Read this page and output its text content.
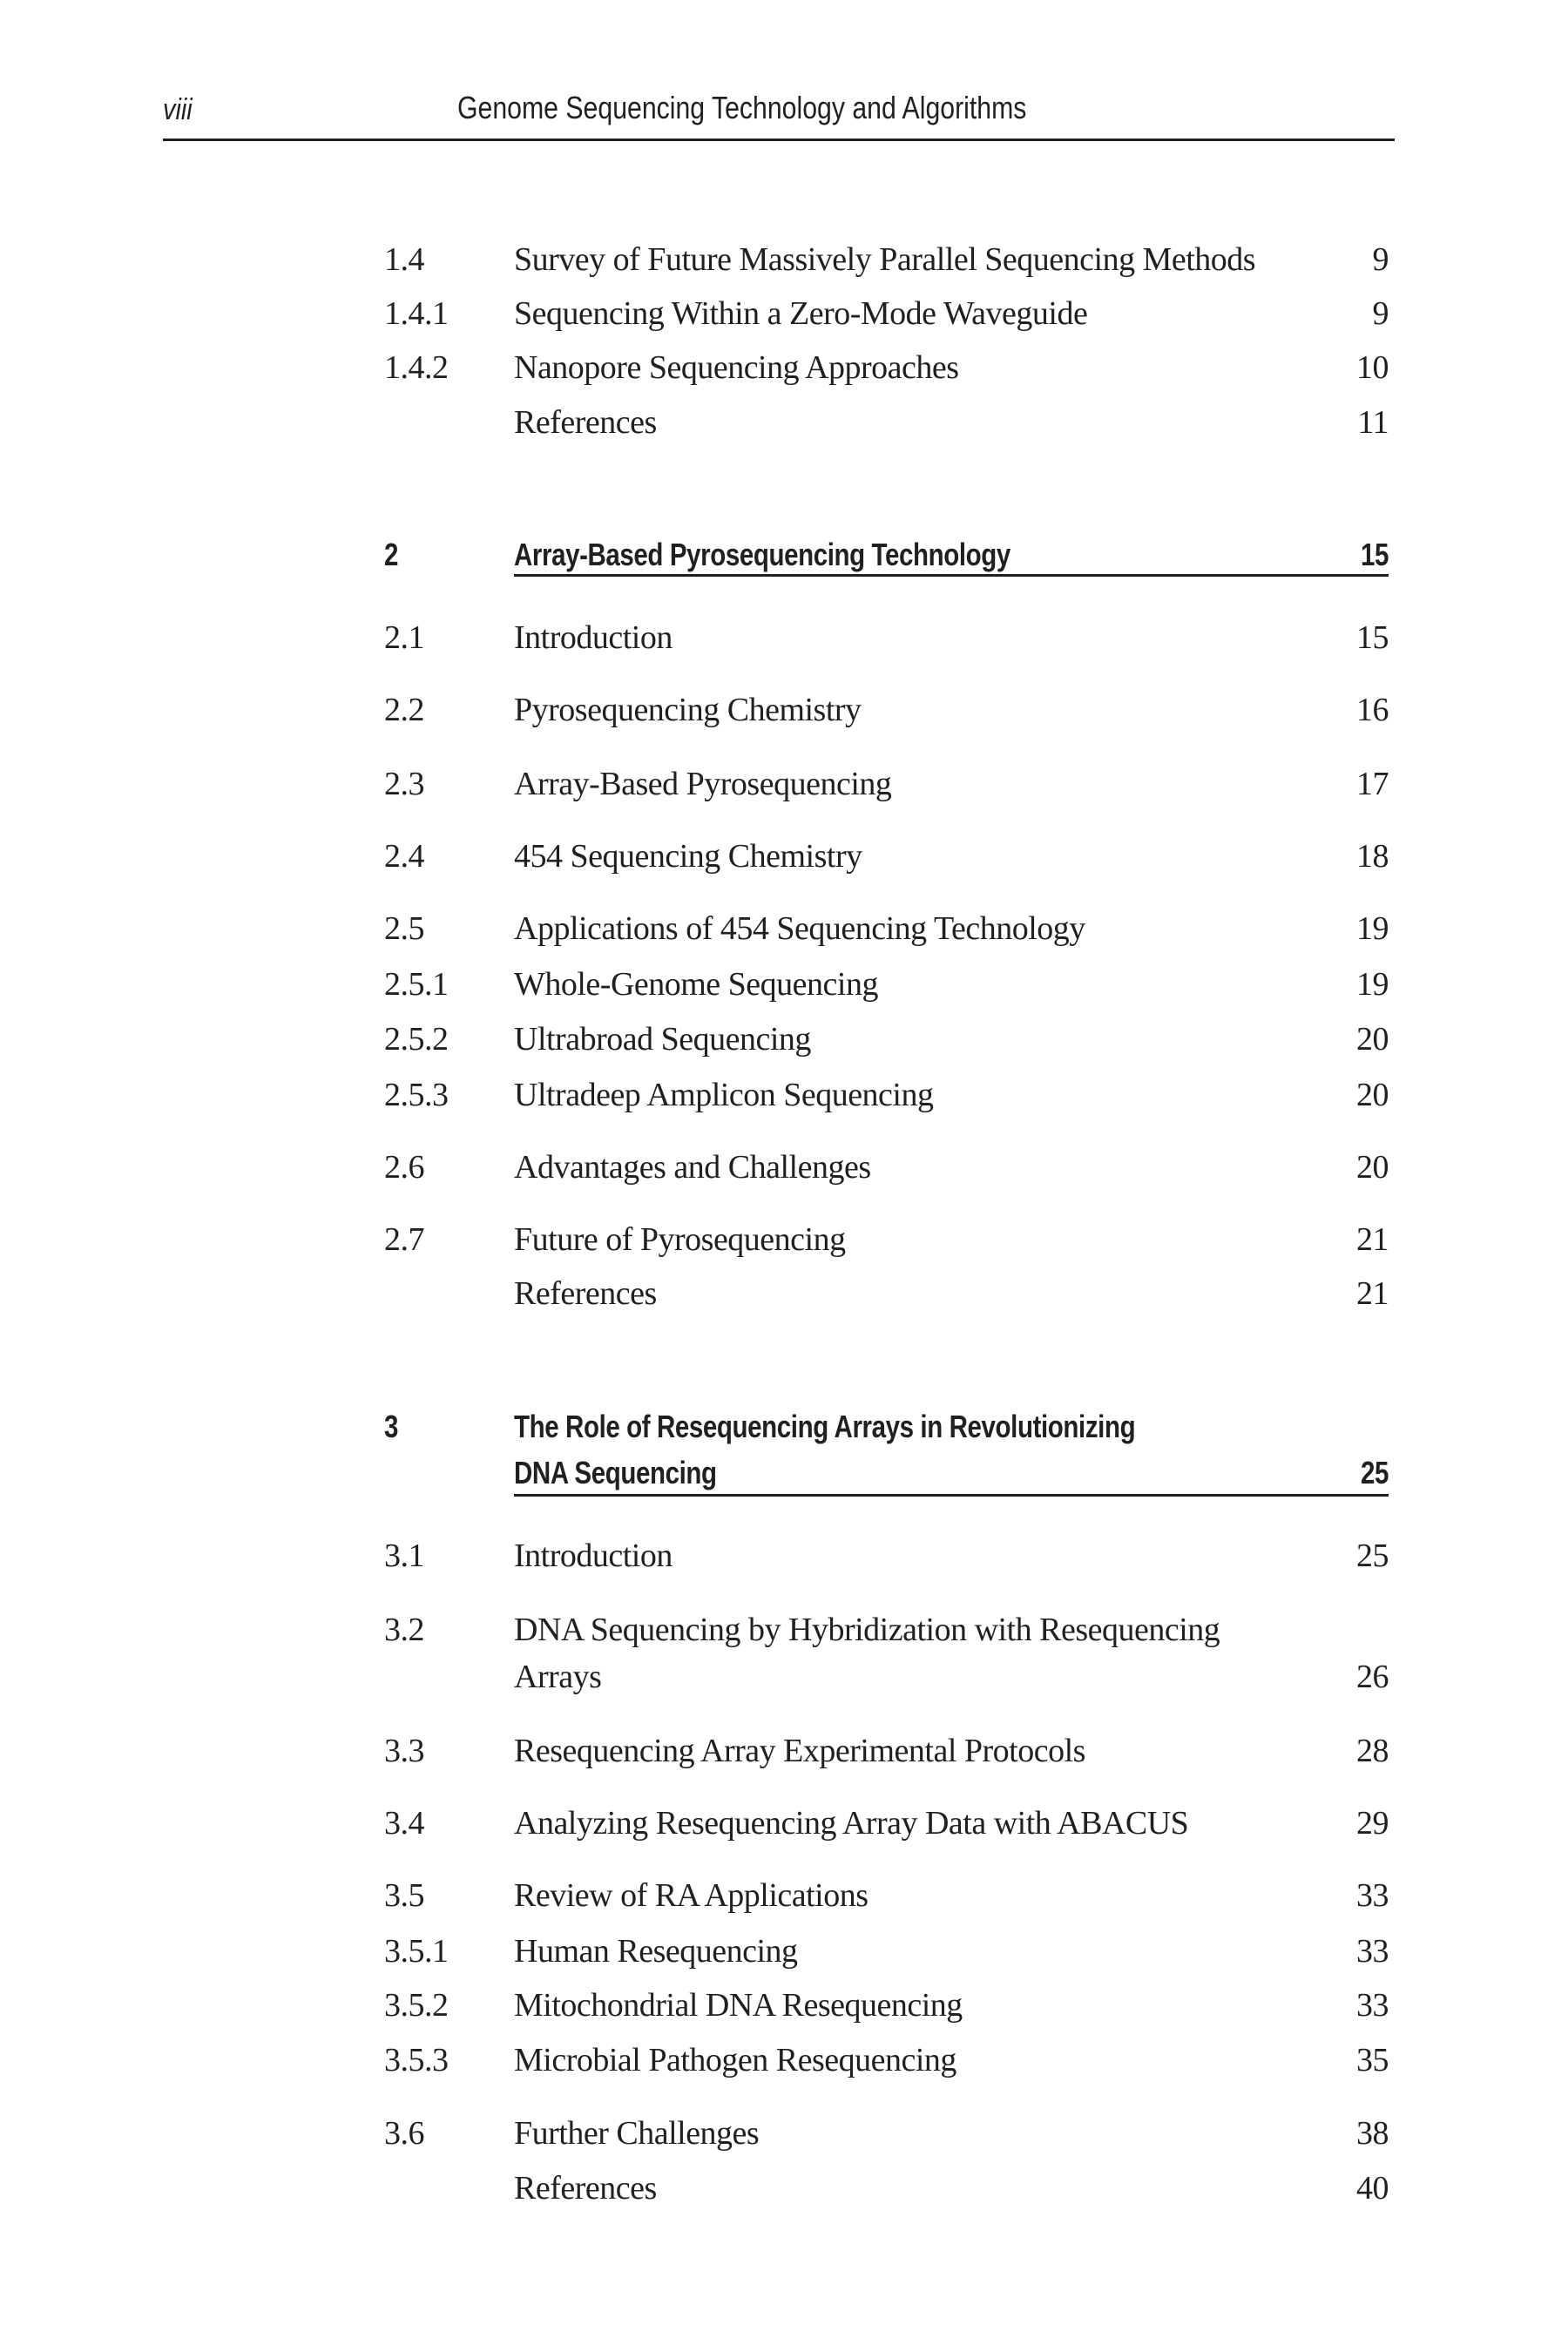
viii	Genome Sequencing Technology and Algorithms
1.4	Survey of Future Massively Parallel Sequencing Methods	9
1.4.1 Sequencing Within a Zero-Mode Waveguide	9
1.4.2 Nanopore Sequencing Approaches	10
References	11
2	Array-Based Pyrosequencing Technology	15
2.1	Introduction	15
2.2	Pyrosequencing Chemistry	16
2.3	Array-Based Pyrosequencing	17
2.4	454 Sequencing Chemistry	18
2.5	Applications of 454 Sequencing Technology	19
2.5.1 Whole-Genome Sequencing	19
2.5.2 Ultrabroad Sequencing	20
2.5.3 Ultradeep Amplicon Sequencing	20
2.6	Advantages and Challenges	20
2.7	Future of Pyrosequencing	21
References	21
3	The Role of Resequencing Arrays in Revolutionizing
DNA Sequencing	25
3.1	Introduction	25
3.2	DNA Sequencing by Hybridization with Resequencing
Arrays	26
3.3	Resequencing Array Experimental Protocols	28
3.4	Analyzing Resequencing Array Data with ABACUS	29
3.5	Review of RA Applications	33
3.5.1 Human Resequencing	33
3.5.2 Mitochondrial DNA Resequencing	33
3.5.3 Microbial Pathogen Resequencing	35
3.6	Further Challenges	38
References	40
